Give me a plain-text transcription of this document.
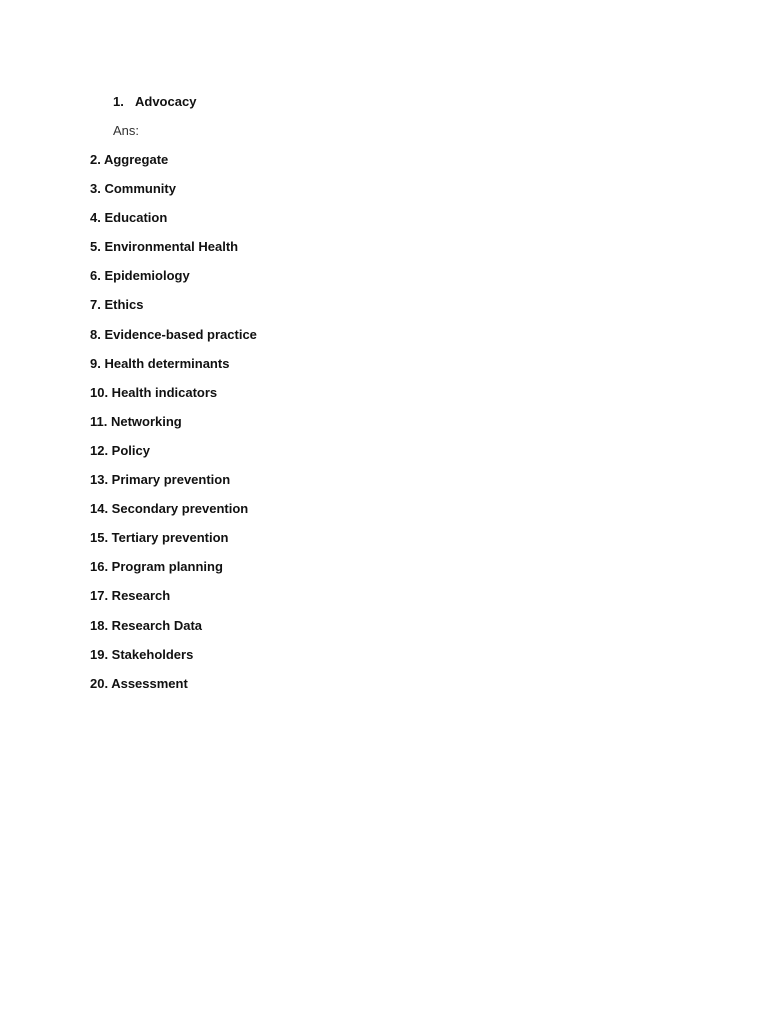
1. Advocacy
Ans:
2. Aggregate
3. Community
4. Education
5. Environmental Health
6. Epidemiology
7. Ethics
8. Evidence-based practice
9. Health determinants
10. Health indicators
11. Networking
12. Policy
13. Primary prevention
14. Secondary prevention
15. Tertiary prevention
16. Program planning
17. Research
18. Research Data
19. Stakeholders
20. Assessment
